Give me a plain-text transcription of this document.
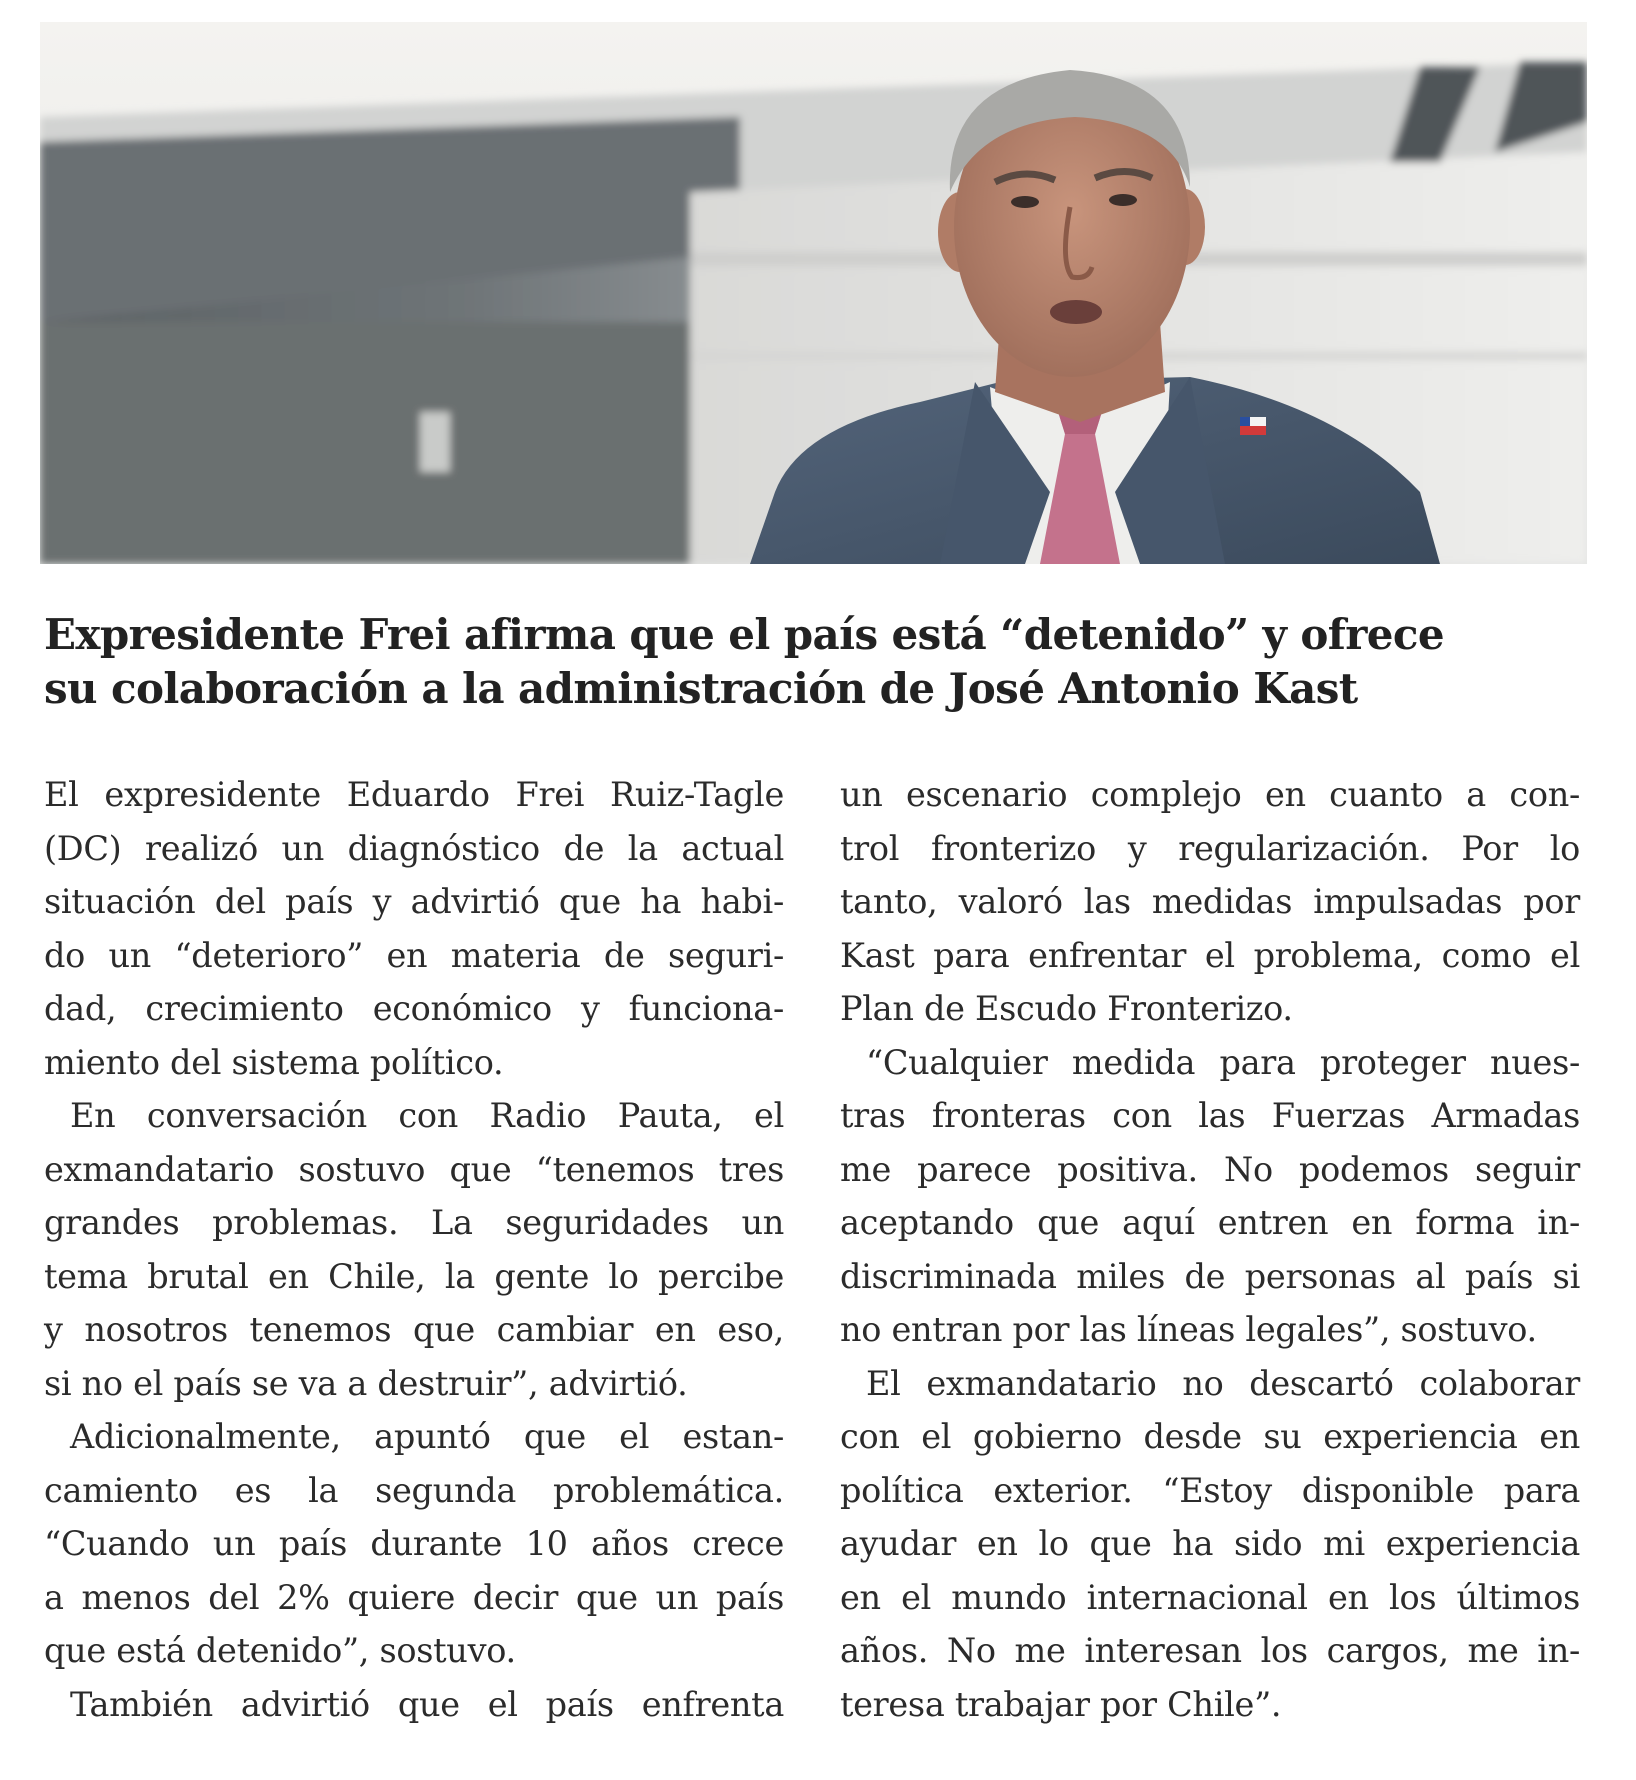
Expresidente Frei afirma que el país está “detenido” y ofrece
su colaboración a la administración de José Antonio Kast
El expresidente Eduardo Frei Ruiz-Tagle
(DC) realizó un diagnóstico de la actual
situación del país y advirtió que ha habi-
do un “deterioro” en materia de seguri-
dad, crecimiento económico y funciona-
miento del sistema político.
En conversación con Radio Pauta, el
exmandatario sostuvo que “tenemos tres
grandes problemas. La seguridades un
tema brutal en Chile, la gente lo percibe
y nosotros tenemos que cambiar en eso,
si no el país se va a destruir”, advirtió.
Adicionalmente, apuntó que el estan-
camiento es la segunda problemática.
“Cuando un país durante 10 años crece
a menos del 2% quiere decir que un país
que está detenido”, sostuvo.
También advirtió que el país enfrenta
un escenario complejo en cuanto a con-
trol fronterizo y regularización. Por lo
tanto, valoró las medidas impulsadas por
Kast para enfrentar el problema, como el
Plan de Escudo Fronterizo.
“Cualquier medida para proteger nues-
tras fronteras con las Fuerzas Armadas
me parece positiva. No podemos seguir
aceptando que aquí entren en forma in-
discriminada miles de personas al país si
no entran por las líneas legales”, sostuvo.
El exmandatario no descartó colaborar
con el gobierno desde su experiencia en
política exterior. “Estoy disponible para
ayudar en lo que ha sido mi experiencia
en el mundo internacional en los últimos
años. No me interesan los cargos, me in-
teresa trabajar por Chile”.
